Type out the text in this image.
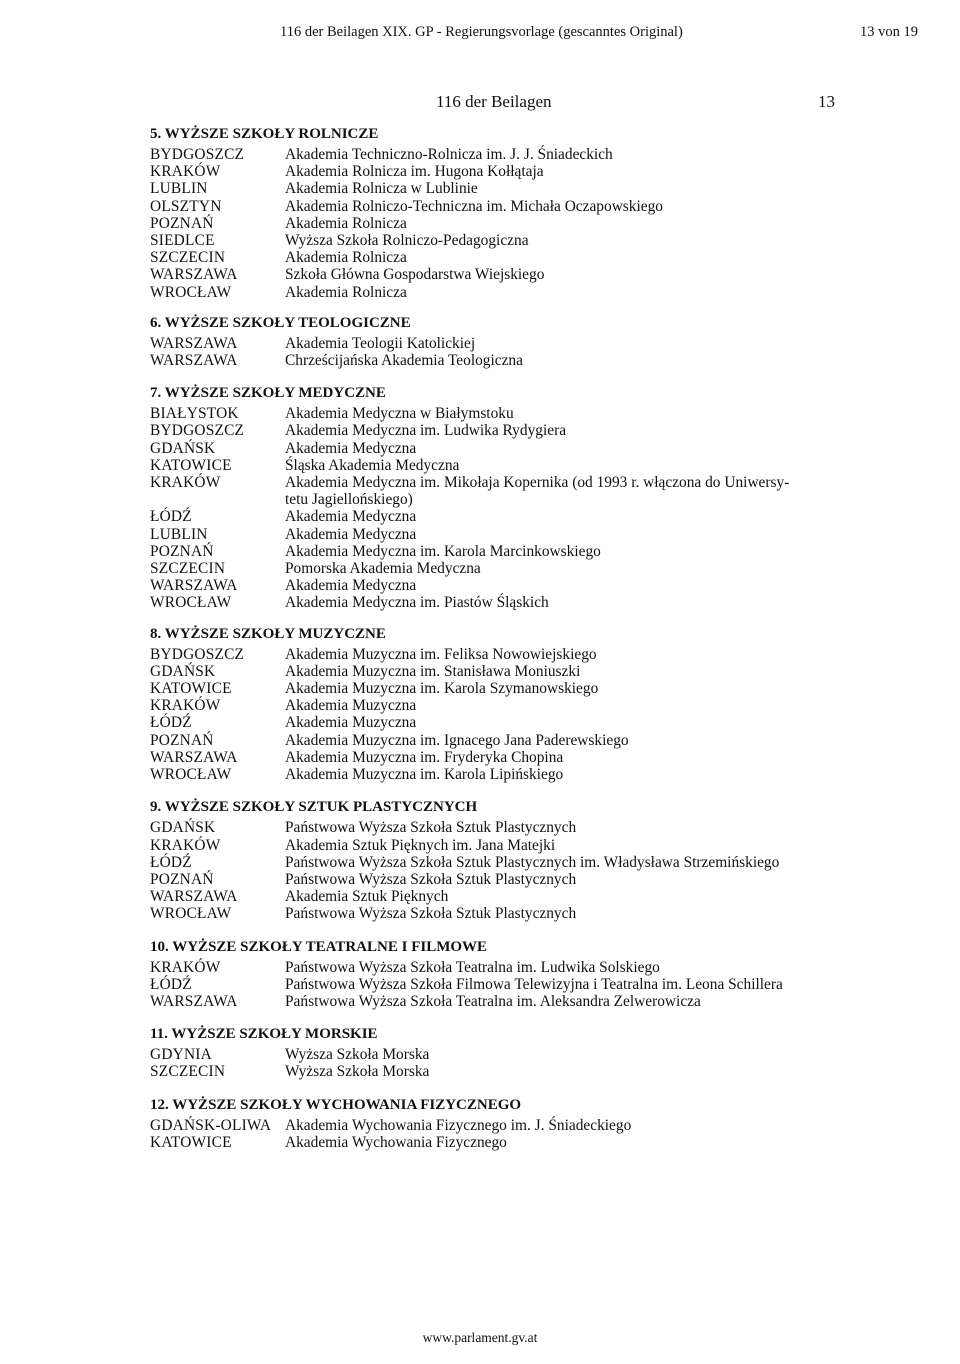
116 der Beilagen XIX. GP - Regierungsvorlage (gescanntes Original)	13 von 19
116 der Beilagen	13
5. WYŻSZE SZKOŁY ROLNICZE
BYDGOSZCZ	Akademia Techniczno-Rolnicza im. J. J. Śniadeckich
KRAKÓW	Akademia Rolnicza im. Hugona Kołłątaja
LUBLIN	Akademia Rolnicza w Lublinie
OLSZTYN	Akademia Rolniczo-Techniczna im. Michała Oczapowskiego
POZNAŃ	Akademia Rolnicza
SIEDLCE	Wyższa Szkoła Rolniczo-Pedagogiczna
SZCZECIN	Akademia Rolnicza
WARSZAWA	Szkoła Główna Gospodarstwa Wiejskiego
WROCŁAW	Akademia Rolnicza
6. WYŻSZE SZKOŁY TEOLOGICZNE
WARSZAWA	Akademia Teologii Katolickiej
WARSZAWA	Chrześcijańska Akademia Teologiczna
7. WYŻSZE SZKOŁY MEDYCZNE
BIAŁYSTOK	Akademia Medyczna w Białymstoku
BYDGOSZCZ	Akademia Medyczna im. Ludwika Rydygiera
GDAŃSK	Akademia Medyczna
KATOWICE	Śląska Akademia Medyczna
KRAKÓW	Akademia Medyczna im. Mikołaja Kopernika (od 1993 r. włączona do Uniwersy-
tetu Jagiellońskiego)
ŁÓDŹ	Akademia Medyczna
LUBLIN	Akademia Medyczna
POZNAŃ	Akademia Medyczna im. Karola Marcinkowskiego
SZCZECIN	Pomorska Akademia Medyczna
WARSZAWA	Akademia Medyczna
WROCŁAW	Akademia Medyczna im. Piastów Śląskich
8. WYŻSZE SZKOŁY MUZYCZNE
BYDGOSZCZ	Akademia Muzyczna im. Feliksa Nowowiejskiego
GDAŃSK	Akademia Muzyczna im. Stanisława Moniuszki
KATOWICE	Akademia Muzyczna im. Karola Szymanowskiego
KRAKÓW	Akademia Muzyczna
ŁÓDŹ	Akademia Muzyczna
POZNAŃ	Akademia Muzyczna im. Ignacego Jana Paderewskiego
WARSZAWA	Akademia Muzyczna im. Fryderyka Chopina
WROCŁAW	Akademia Muzyczna im. Karola Lipińskiego
9. WYŻSZE SZKOŁY SZTUK PLASTYCZNYCH
GDAŃSK	Państwowa Wyższa Szkoła Sztuk Plastycznych
KRAKÓW	Akademia Sztuk Pięknych im. Jana Matejki
ŁÓDŹ	Państwowa Wyższa Szkoła Sztuk Plastycznych im. Władysława Strzemińskiego
POZNAŃ	Państwowa Wyższa Szkoła Sztuk Plastycznych
WARSZAWA	Akademia Sztuk Pięknych
WROCŁAW	Państwowa Wyższa Szkoła Sztuk Plastycznych
10. WYŻSZE SZKOŁY TEATRALNE I FILMOWE
KRAKÓW	Państwowa Wyższa Szkoła Teatralna im. Ludwika Solskiego
ŁÓDŹ	Państwowa Wyższa Szkoła Filmowa Telewizyjna i Teatralna im. Leona Schillera
WARSZAWA	Państwowa Wyższa Szkoła Teatralna im. Aleksandra Zelwerowicza
11. WYŻSZE SZKOŁY MORSKIE
GDYNIA	Wyższa Szkoła Morska
SZCZECIN	Wyższa Szkoła Morska
12. WYŻSZE SZKOŁY WYCHOWANIA FIZYCZNEGO
GDAŃSK-OLIWA Akademia Wychowania Fizycznego im. J. Śniadeckiego
KATOWICE	Akademia Wychowania Fizycznego
www.parlament.gv.at
